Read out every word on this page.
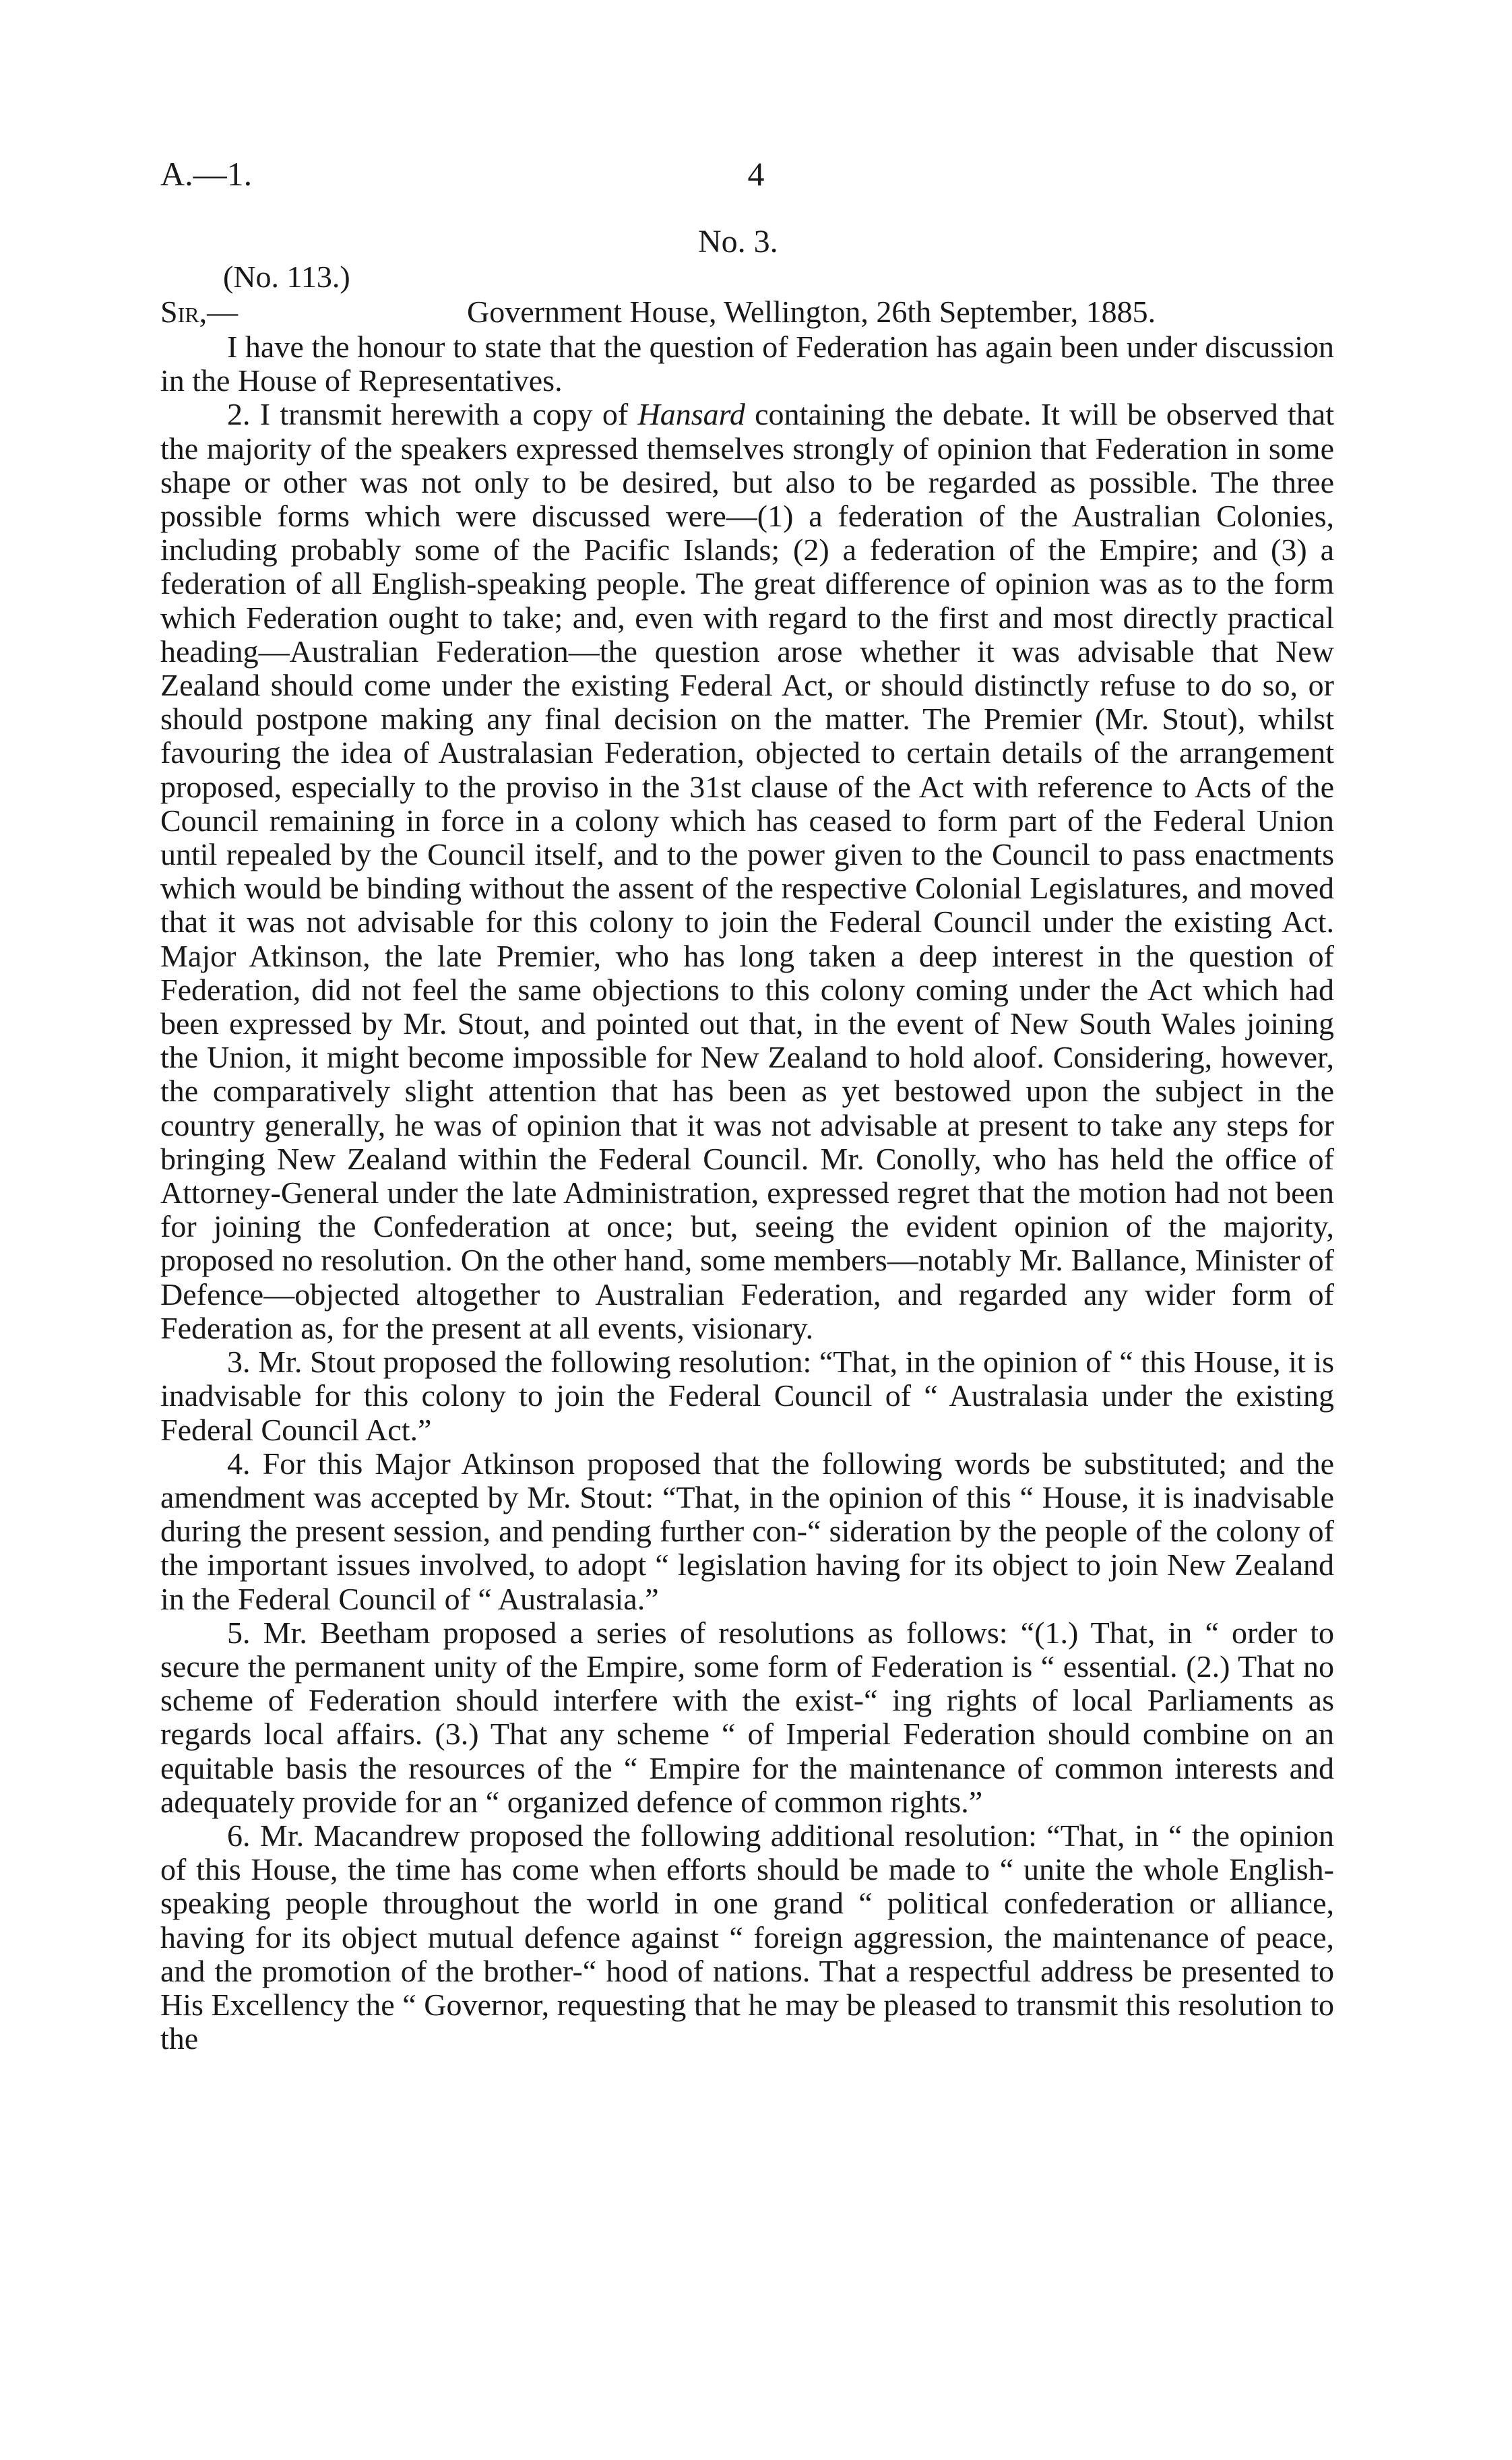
A.—1.	4

No. 3.

(No. 113.)

Sir,—	Government House, Wellington, 26th September, 1885.

I have the honour to state that the question of Federation has again been under discussion in the House of Representatives.

2. I transmit herewith a copy of Hansard containing the debate. It will be observed that the majority of the speakers expressed themselves strongly of opinion that Federation in some shape or other was not only to be desired, but also to be regarded as possible. The three possible forms which were discussed were—(1) a federation of the Australian Colonies, including probably some of the Pacific Islands; (2) a federation of the Empire; and (3) a federation of all English-speaking people. The great difference of opinion was as to the form which Federation ought to take; and, even with regard to the first and most directly practical heading—Australian Federation—the question arose whether it was advisable that New Zealand should come under the existing Federal Act, or should distinctly refuse to do so, or should postpone making any final decision on the matter. The Premier (Mr. Stout), whilst favouring the idea of Australasian Federation, objected to certain details of the arrangement proposed, especially to the proviso in the 31st clause of the Act with reference to Acts of the Council remaining in force in a colony which has ceased to form part of the Federal Union until repealed by the Council itself, and to the power given to the Council to pass enactments which would be binding without the assent of the respective Colonial Legislatures, and moved that it was not advisable for this colony to join the Federal Council under the existing Act. Major Atkinson, the late Premier, who has long taken a deep interest in the question of Federation, did not feel the same objections to this colony coming under the Act which had been expressed by Mr. Stout, and pointed out that, in the event of New South Wales joining the Union, it might become impossible for New Zealand to hold aloof. Considering, however, the comparatively slight attention that has been as yet bestowed upon the subject in the country generally, he was of opinion that it was not advisable at present to take any steps for bringing New Zealand within the Federal Council. Mr. Conolly, who has held the office of Attorney-General under the late Administration, expressed regret that the motion had not been for joining the Confederation at once; but, seeing the evident opinion of the majority, proposed no resolution. On the other hand, some members—notably Mr. Ballance, Minister of Defence—objected altogether to Australian Federation, and regarded any wider form of Federation as, for the present at all events, visionary.

3. Mr. Stout proposed the following resolution: “That, in the opinion of “ this House, it is inadvisable for this colony to join the Federal Council of “ Australasia under the existing Federal Council Act.”

4. For this Major Atkinson proposed that the following words be substituted; and the amendment was accepted by Mr. Stout: “That, in the opinion of this “ House, it is inadvisable during the present session, and pending further con-“ sideration by the people of the colony of the important issues involved, to adopt “ legislation having for its object to join New Zealand in the Federal Council of “ Australasia.”

5. Mr. Beetham proposed a series of resolutions as follows: “(1.) That, in “ order to secure the permanent unity of the Empire, some form of Federation is “ essential. (2.) That no scheme of Federation should interfere with the exist-“ ing rights of local Parliaments as regards local affairs. (3.) That any scheme “ of Imperial Federation should combine on an equitable basis the resources of the “ Empire for the maintenance of common interests and adequately provide for an “ organized defence of common rights.”

6. Mr. Macandrew proposed the following additional resolution: “That, in “ the opinion of this House, the time has come when efforts should be made to “ unite the whole English-speaking people throughout the world in one grand “ political confederation or alliance, having for its object mutual defence against “ foreign aggression, the maintenance of peace, and the promotion of the brother-“ hood of nations. That a respectful address be presented to His Excellency the “ Governor, requesting that he may be pleased to transmit this resolution to the
